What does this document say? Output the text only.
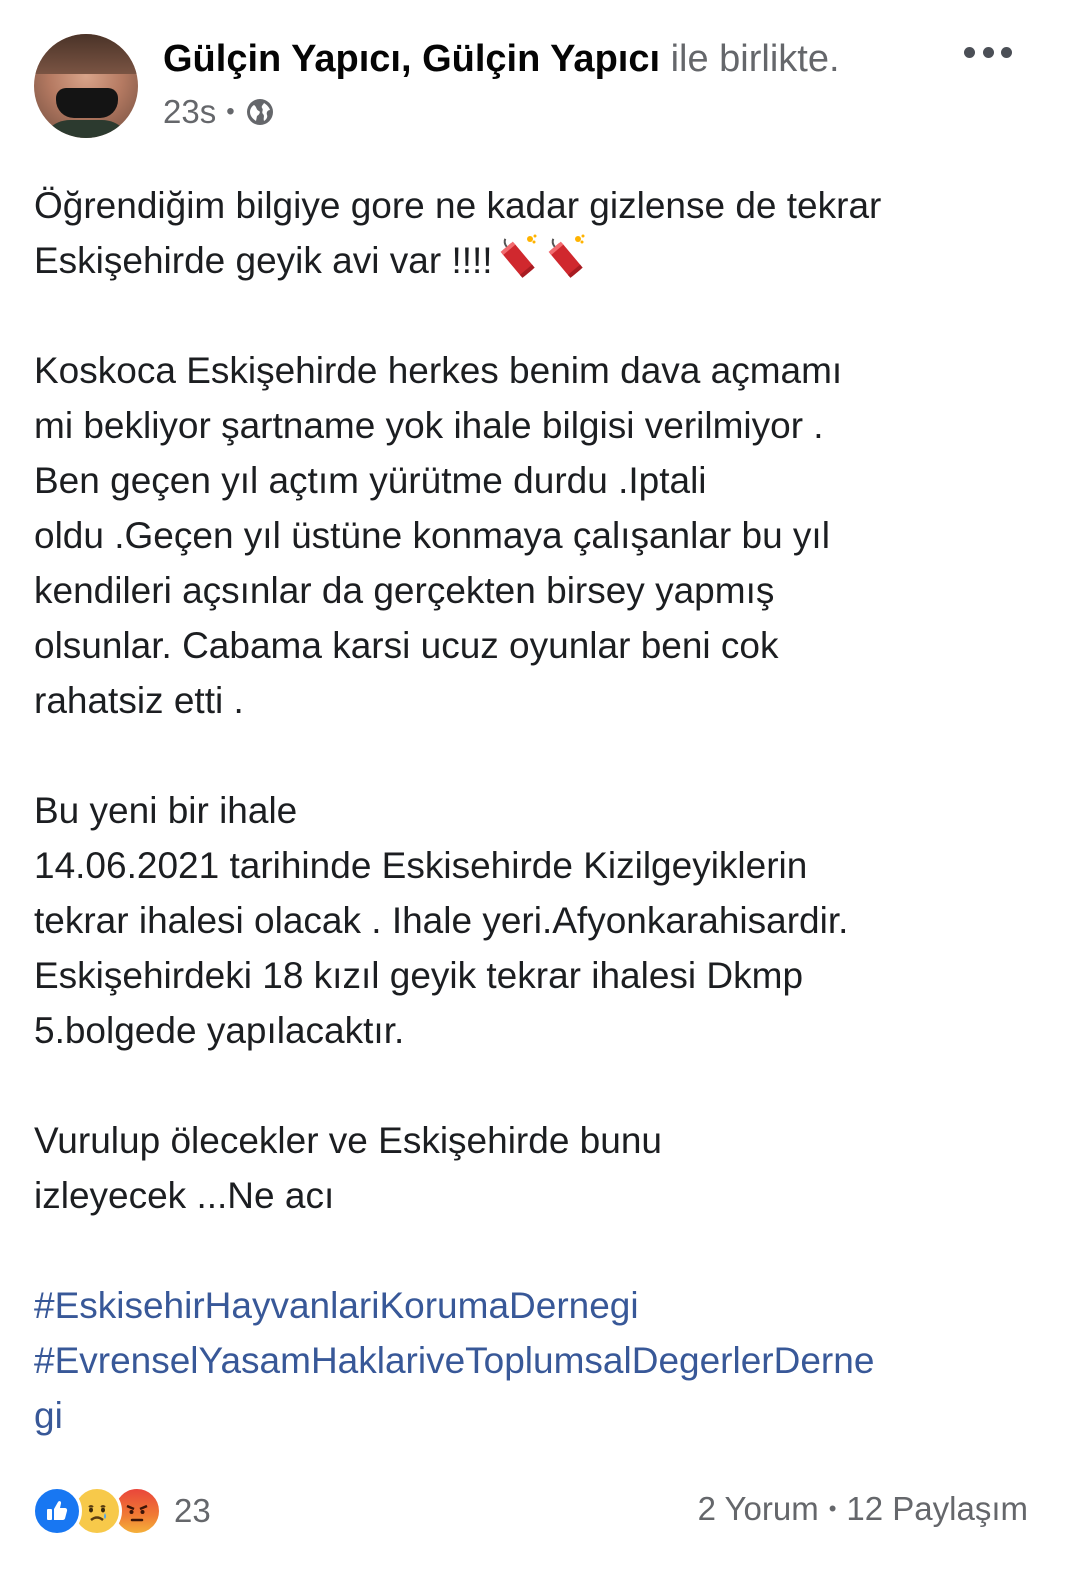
Gülçin Yapıcı, Gülçin Yapıcı ile birlikte.
23s •

Öğrendiğim bilgiye gore ne kadar gizlense de tekrar

Eskişehirde geyik avi var !!!!

Koskoca Eskişehirde herkes benim dava açmamı

mi bekliyor şartname yok ihale bilgisi verilmiyor .

Ben geçen yıl açtım yürütme durdu .Iptali

oldu .Geçen yıl üstüne konmaya çalışanlar bu yıl

kendileri açsınlar da gerçekten birsey yapmış

olsunlar. Cabama karsi ucuz oyunlar beni cok

rahatsiz etti .

Bu yeni bir ihale

14.06.2021 tarihinde Eskisehirde Kizilgeyiklerin

tekrar ihalesi olacak . Ihale yeri.Afyonkarahisardir.

Eskişehirdeki 18 kızıl geyik tekrar ihalesi Dkmp

5.bolgede yapılacaktır.

Vurulup ölecekler ve Eskişehirde bunu

izleyecek ...Ne acı

#EskisehirHayvanlariKorumaDernegi
#EvrenselYasamHaklariveToplumsalDegerlerDerne
gi
23	2 Yorum • 12 Paylaşım
